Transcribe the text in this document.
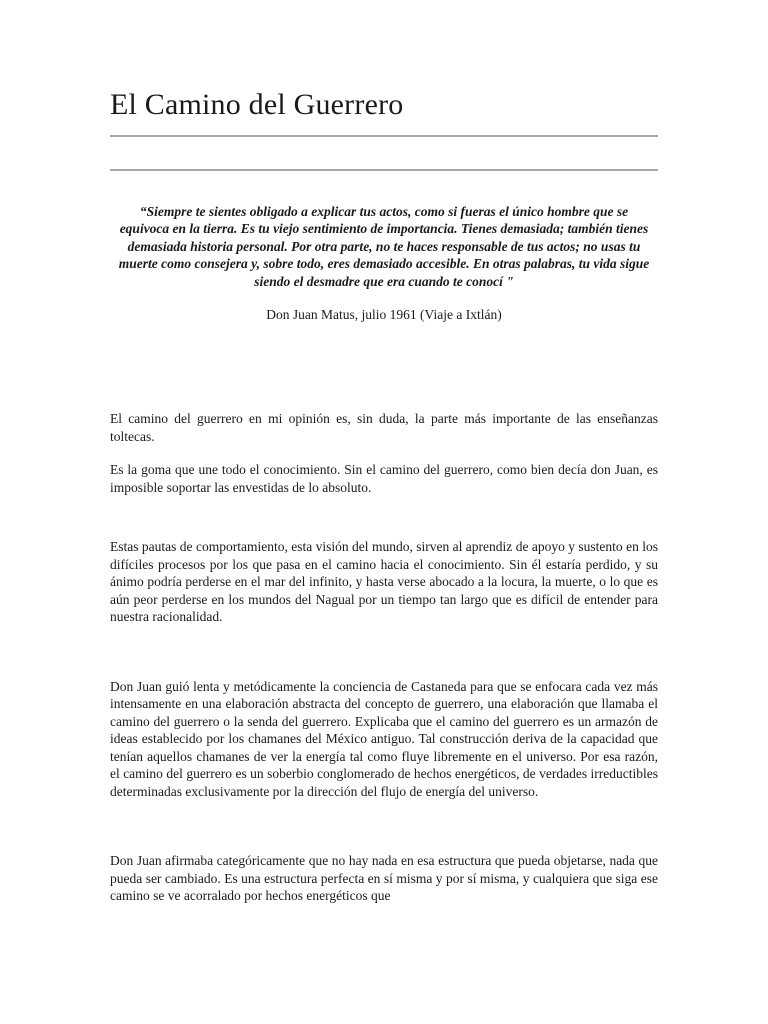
El Camino del Guerrero

“Siempre te sientes obligado a explicar tus actos, como si fueras el único hombre que se equivoca en la tierra. Es tu viejo sentimiento de importancia. Tienes demasiada; también tienes demasiada historia personal. Por otra parte, no te haces responsable de tus actos; no usas tu muerte como consejera y, sobre todo, eres demasiado accesible. En otras palabras, tu vida sigue siendo el desmadre que era cuando te conocí "

Don Juan Matus, julio 1961 (Viaje a Ixtlán)

El camino del guerrero en mi opinión es, sin duda, la parte más importante de las enseñanzas toltecas.

Es la goma que une todo el conocimiento. Sin el camino del guerrero, como bien decía don Juan, es imposible soportar las envestidas de lo absoluto.

Estas pautas de comportamiento, esta visión del mundo, sirven al aprendiz de apoyo y sustento en los difíciles procesos por los que pasa en el camino hacia el conocimiento. Sin él estaría perdido, y su ánimo podría perderse en el mar del infinito, y hasta verse abocado a la locura, la muerte, o lo que es aún peor perderse en los mundos del Nagual por un tiempo tan largo que es difícil de entender para nuestra racionalidad.

Don Juan guió lenta y metódicamente la conciencia de Castaneda para que se enfocara cada vez más intensamente en una elaboración abstracta del concepto de guerrero, una elaboración que llamaba el camino del guerrero o la senda del guerrero. Explicaba que el camino del guerrero es un armazón de ideas establecido por los chamanes del México antiguo. Tal construcción deriva de la capacidad que tenían aquellos chamanes de ver la energía tal como fluye libremente en el universo. Por esa razón, el camino del guerrero es un soberbio conglomerado de hechos energéticos, de verdades irreductibles determinadas exclusivamente por la dirección del flujo de energía del universo.

Don Juan afirmaba categóricamente que no hay nada en esa estructura que pueda objetarse, nada que pueda ser cambiado. Es una estructura perfecta en sí misma y por sí misma, y cualquiera que siga ese camino se ve acorralado por hechos energéticos que
